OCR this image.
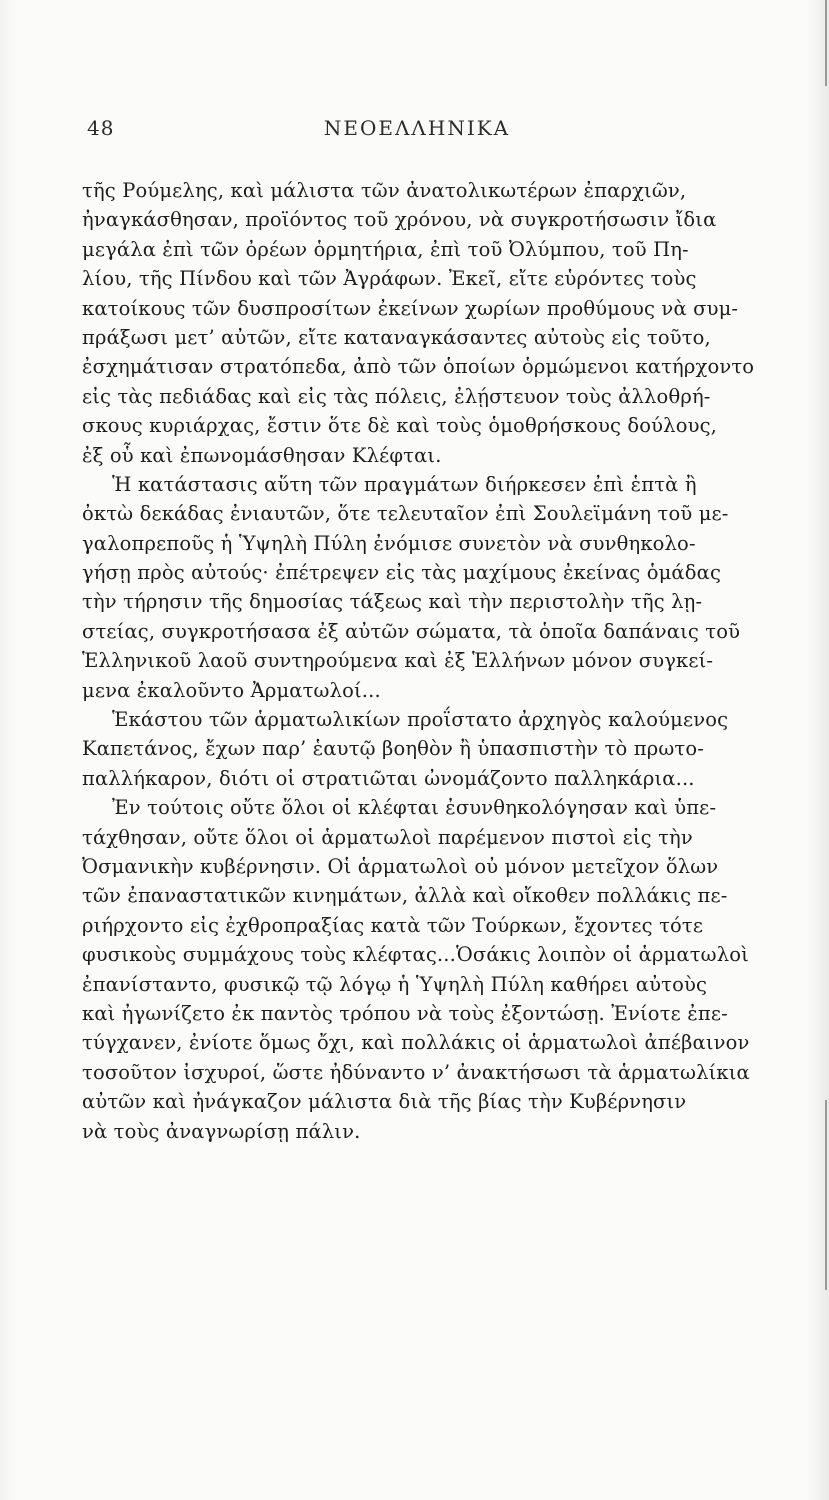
48	ΝΕΟΕΛΛΗΝΙΚΑ
τῆς Ρούμελης, καὶ μάλιστα τῶν ἀνατολικωτέρων ἐπαρχιῶν,
ἠναγκάσθησαν, προϊόντος τοῦ χρόνου, νὰ συγκροτήσωσιν ἴδια
μεγάλα ἐπὶ τῶν ὀρέων ὁρμητήρια, ἐπὶ τοῦ Ὀλύμπου, τοῦ Πη-
λίου, τῆς Πίνδου καὶ τῶν Ἀγράφων. Ἐκεῖ, εἴτε εὑρόντες τοὺς
κατοίκους τῶν δυσπροσίτων ἐκείνων χωρίων προθύμους νὰ συμ-
πράξωσι μετ’ αὐτῶν, εἴτε καταναγκάσαντες αὐτοὺς εἰς τοῦτο,
ἐσχημάτισαν στρατόπεδα, ἀπὸ τῶν ὁποίων ὁρμώμενοι κατήρχοντο
εἰς τὰς πεδιάδας καὶ εἰς τὰς πόλεις, ἐλῄστευον τοὺς ἀλλοθρή-
σκους κυριάρχας, ἔστιν ὅτε δὲ καὶ τοὺς ὁμοθρήσκους δούλους,
ἐξ οὗ καὶ ἐπωνομάσθησαν Κλέφται.
Ἡ κατάστασις αὕτη τῶν πραγμάτων διήρκεσεν ἐπὶ ἑπτὰ ἢ
ὀκτὼ δεκάδας ἐνιαυτῶν, ὅτε τελευταῖον ἐπὶ Σουλεϊμάνη τοῦ με-
γαλοπρεποῦς ἡ Ὑψηλὴ Πύλη ἐνόμισε συνετὸν νὰ συνθηκολο-
γήσῃ πρὸς αὐτούς· ἐπέτρεψεν εἰς τὰς μαχίμους ἐκείνας ὁμάδας
τὴν τήρησιν τῆς δημοσίας τάξεως καὶ τὴν περιστολὴν τῆς λῃ-
στείας, συγκροτήσασα ἐξ αὐτῶν σώματα, τὰ ὁποῖα δαπάναις τοῦ
Ἑλληνικοῦ λαοῦ συντηρούμενα καὶ ἐξ Ἑλλήνων μόνον συγκεί-
μενα ἐκαλοῦντο Ἀρματωλοί...
Ἑκάστου τῶν ἁρματωλικίων προΐστατο ἀρχηγὸς καλούμενος
Καπετάνος, ἔχων παρ’ ἑαυτῷ βοηθὸν ἢ ὑπασπιστὴν τὸ πρωτο-
παλλήκαρον, διότι οἱ στρατιῶται ὠνομάζοντο παλληκάρια...
Ἐν τούτοις οὔτε ὅλοι οἱ κλέφται ἐσυνθηκολόγησαν καὶ ὑπε-
τάχθησαν, οὔτε ὅλοι οἱ ἁρματωλοὶ παρέμενον πιστοὶ εἰς τὴν
Ὀσμανικὴν κυβέρνησιν. Οἱ ἁρματωλοὶ οὐ μόνον μετεῖχον ὅλων
τῶν ἐπαναστατικῶν κινημάτων, ἀλλὰ καὶ οἴκοθεν πολλάκις πε-
ριήρχοντο εἰς ἐχθροπραξίας κατὰ τῶν Τούρκων, ἔχοντες τότε
φυσικοὺς συμμάχους τοὺς κλέφτας...Ὁσάκις λοιπὸν οἱ ἁρματωλοὶ
ἐπανίσταντο, φυσικῷ τῷ λόγῳ ἡ Ὑψηλὴ Πύλη καθήρει αὐτοὺς
καὶ ἠγωνίζετο ἐκ παντὸς τρόπου νὰ τοὺς ἐξοντώσῃ. Ἐνίοτε ἐπε-
τύγχανεν, ἐνίοτε ὅμως ὄχι, καὶ πολλάκις οἱ ἁρματωλοὶ ἀπέβαινον
τοσοῦτον ἰσχυροί, ὥστε ἠδύναντο ν’ ἀνακτήσωσι τὰ ἁρματωλίκια
αὐτῶν καὶ ἠνάγκαζον μάλιστα διὰ τῆς βίας τὴν Κυβέρνησιν
νὰ τοὺς ἀναγνωρίσῃ πάλιν.
